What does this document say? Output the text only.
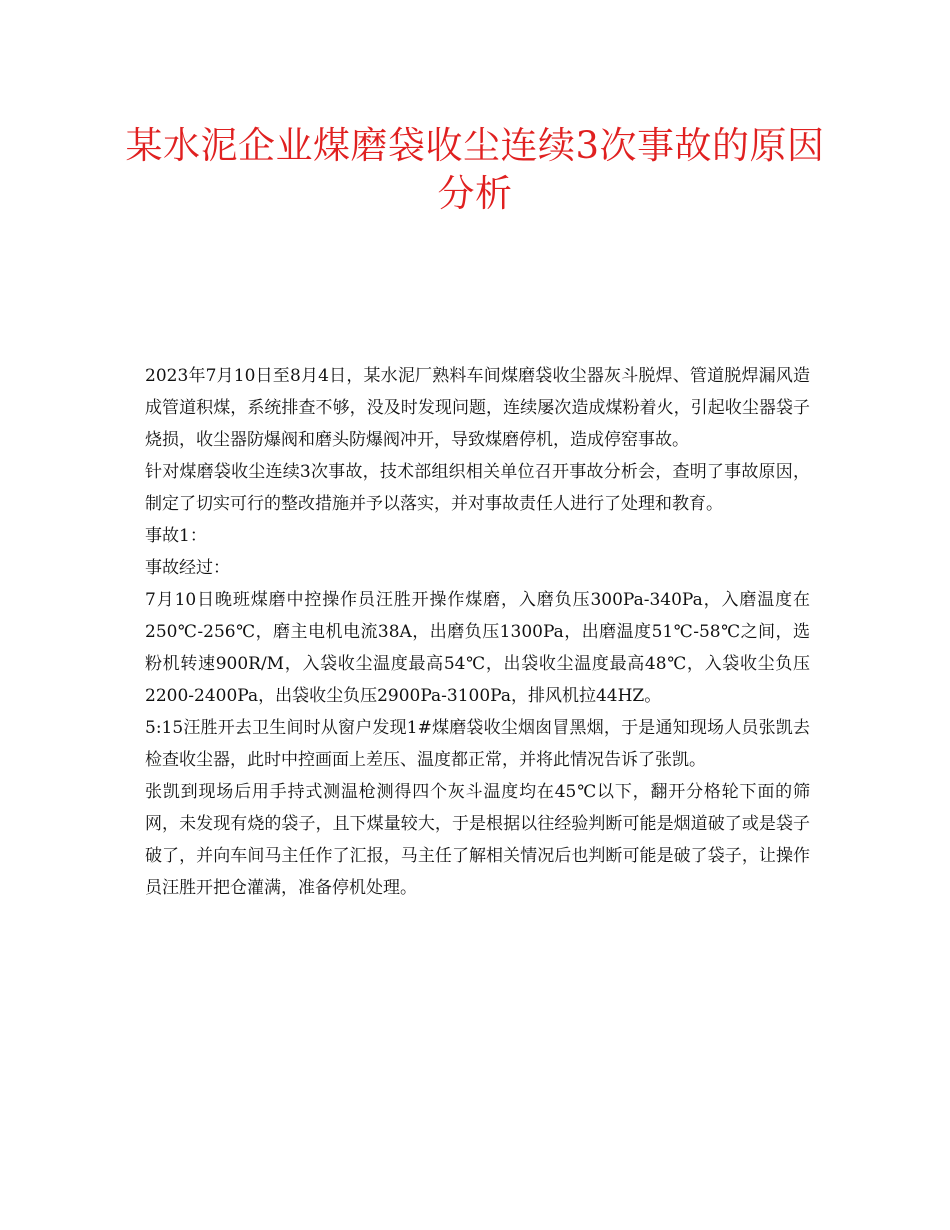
某水泥企业煤磨袋收尘连续3次事故的原因分析

2023年7月10日至8月4日，某水泥厂熟料车间煤磨袋收尘器灰斗脱焊、管道脱焊漏风造成管道积煤，系统排查不够，没及时发现问题，连续屡次造成煤粉着火，引起收尘器袋子烧损，收尘器防爆阀和磨头防爆阀冲开，导致煤磨停机，造成停窑事故。

针对煤磨袋收尘连续3次事故，技术部组织相关单位召开事故分析会，查明了事故原因，制定了切实可行的整改措施并予以落实，并对事故责任人进行了处理和教育。

事故1：

事故经过：

7月10日晚班煤磨中控操作员汪胜开操作煤磨，入磨负压300Pa-340Pa，入磨温度在250℃-256℃，磨主电机电流38A，出磨负压1300Pa，出磨温度51℃-58℃之间，选粉机转速900R/M，入袋收尘温度最高54℃，出袋收尘温度最高48℃，入袋收尘负压2200-2400Pa，出袋收尘负压2900Pa-3100Pa，排风机拉44HZ。

5:15汪胜开去卫生间时从窗户发现1#煤磨袋收尘烟囱冒黑烟，于是通知现场人员张凯去检查收尘器，此时中控画面上差压、温度都正常，并将此情况告诉了张凯。

张凯到现场后用手持式测温枪测得四个灰斗温度均在45℃以下，翻开分格轮下面的筛网，未发现有烧的袋子，且下煤量较大，于是根据以往经验判断可能是烟道破了或是袋子破了，并向车间马主任作了汇报，马主任了解相关情况后也判断可能是破了袋子，让操作员汪胜开把仓灌满，准备停机处理。
